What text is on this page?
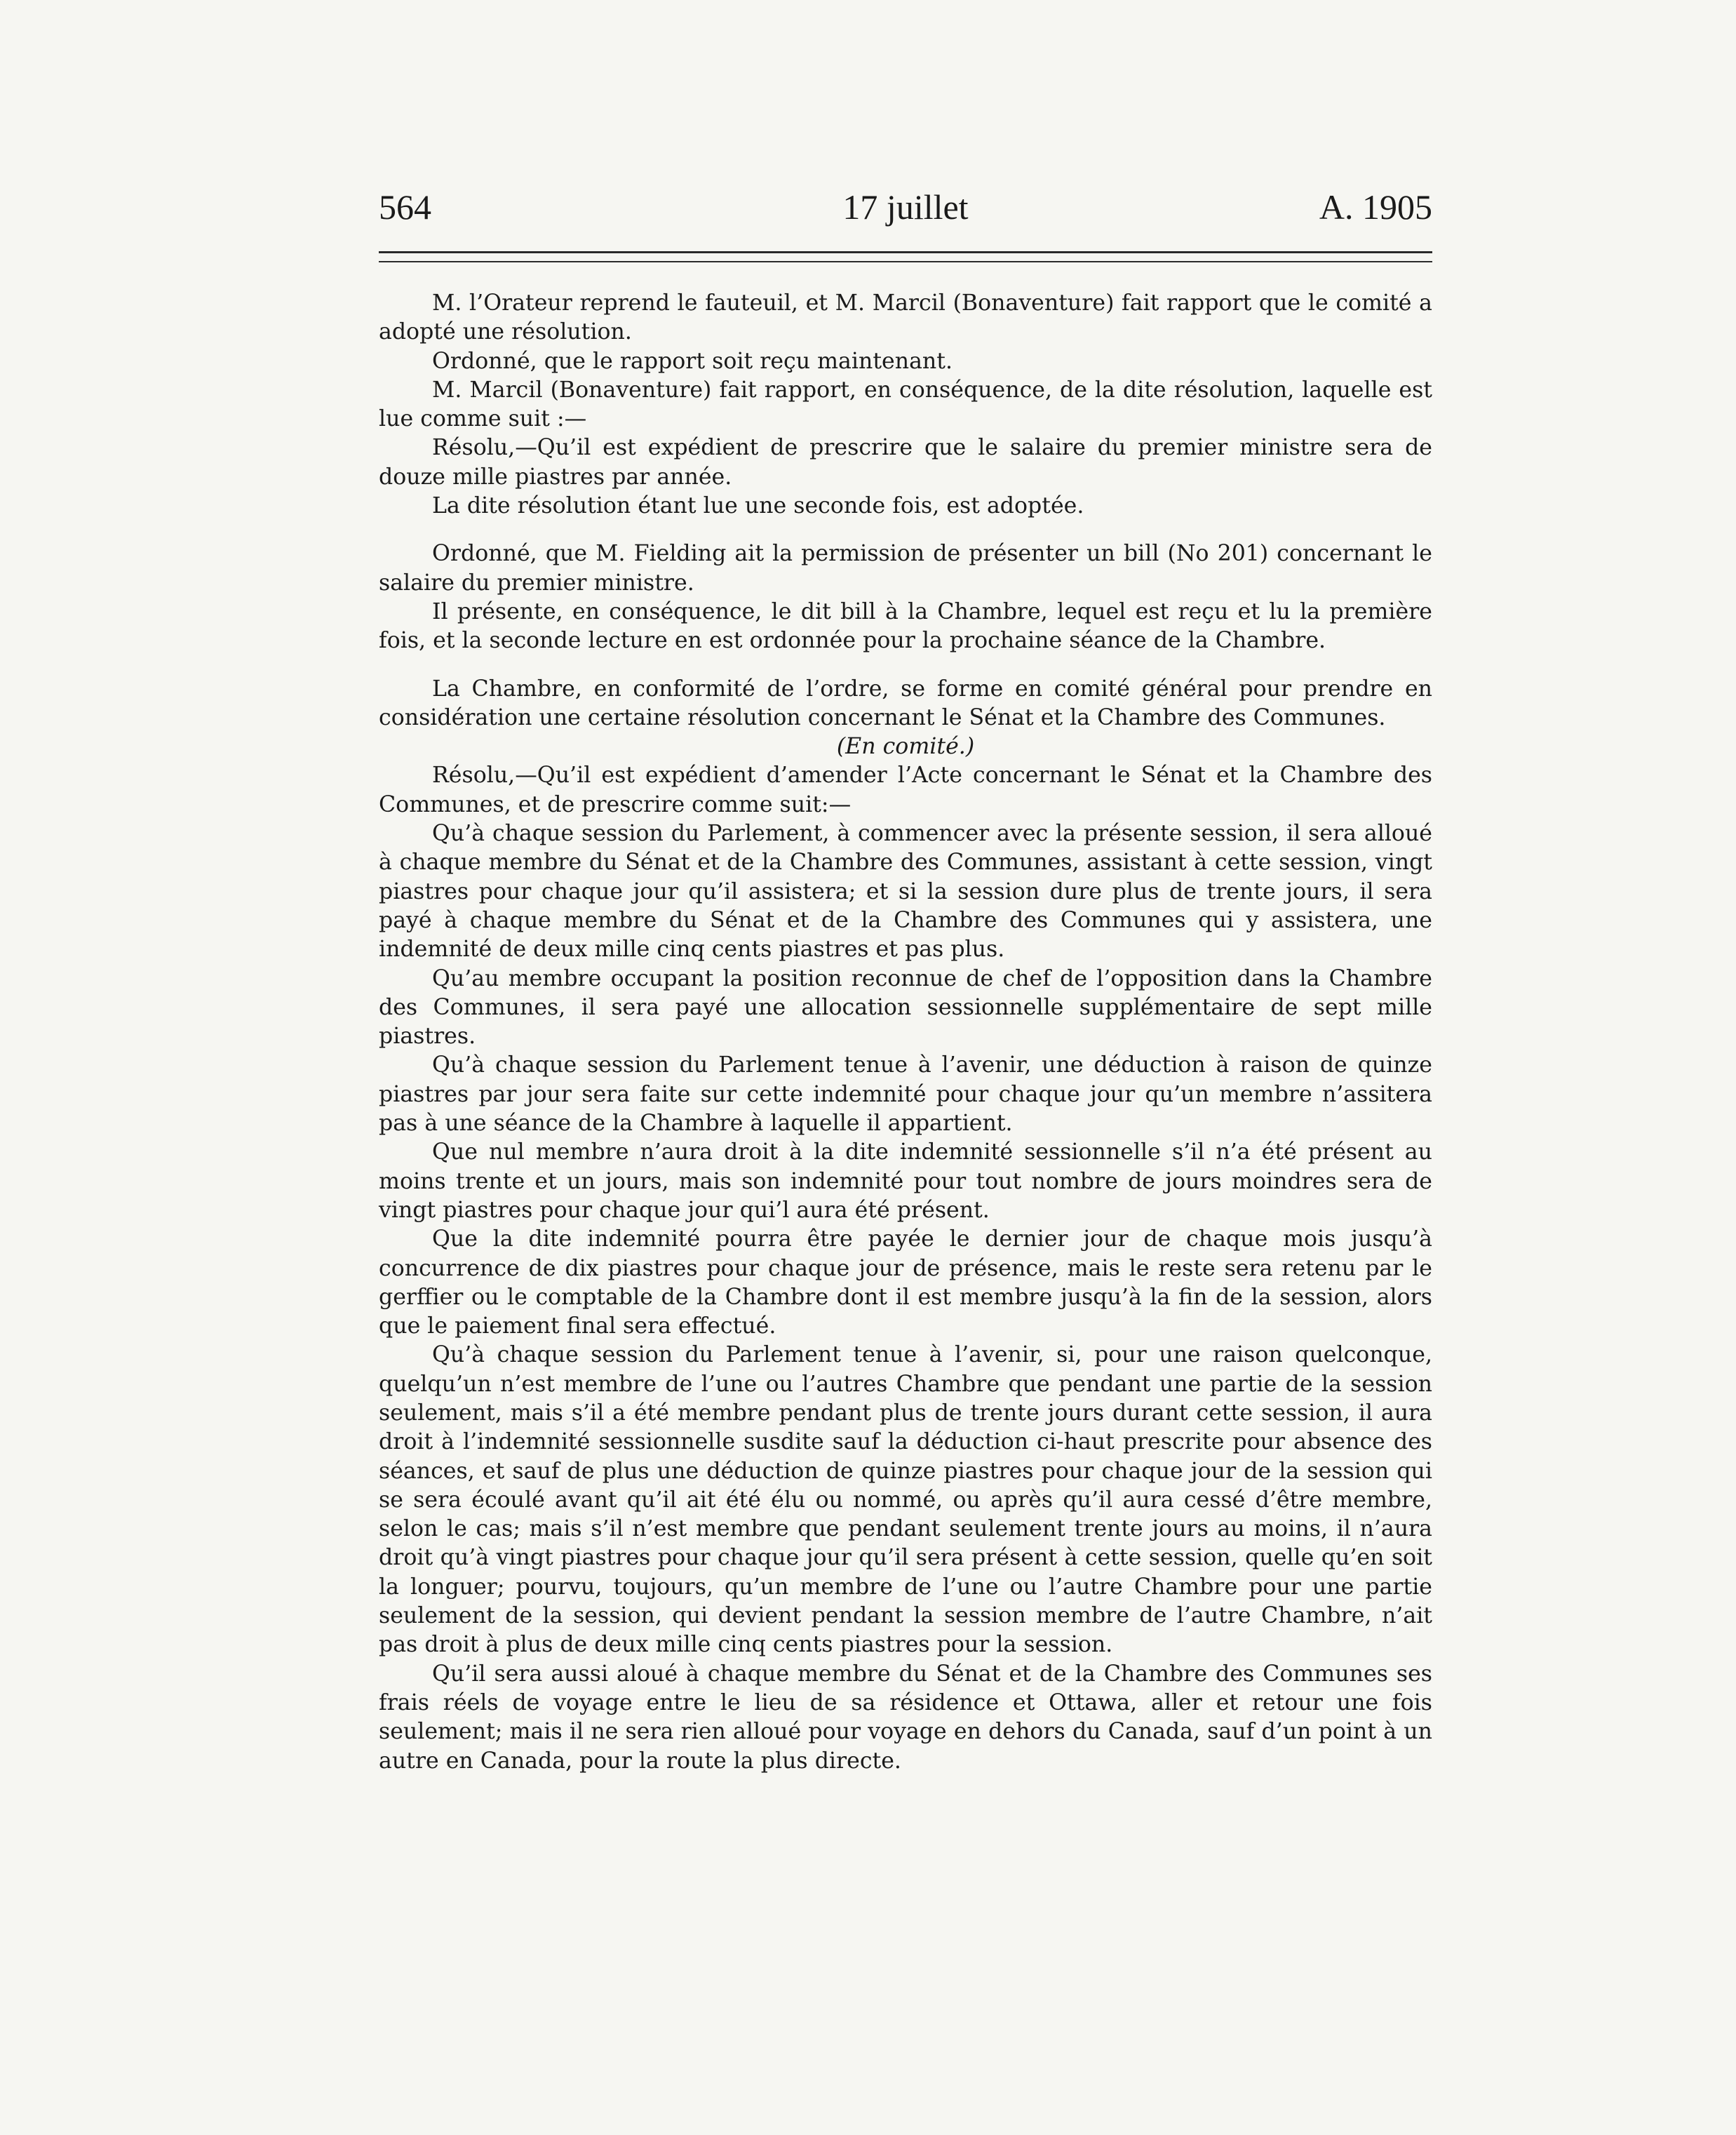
564	17 juillet	A. 1905

M. l’Orateur reprend le fauteuil, et M. Marcil (Bonaventure) fait rapport que le comité a adopté une résolution.

Ordonné, que le rapport soit reçu maintenant.

M. Marcil (Bonaventure) fait rapport, en conséquence, de la dite résolution, laquelle est lue comme suit :—

Résolu,—Qu’il est expédient de prescrire que le salaire du premier ministre sera de douze mille piastres par année.

La dite résolution étant lue une seconde fois, est adoptée.

Ordonné, que M. Fielding ait la permission de présenter un bill (No 201) concernant le salaire du premier ministre.

Il présente, en conséquence, le dit bill à la Chambre, lequel est reçu et lu la première fois, et la seconde lecture en est ordonnée pour la prochaine séance de la Chambre.

La Chambre, en conformité de l’ordre, se forme en comité général pour prendre en considération une certaine résolution concernant le Sénat et la Chambre des Communes.

(En comité.)

Résolu,—Qu’il est expédient d’amender l’Acte concernant le Sénat et la Chambre des Communes, et de prescrire comme suit:—

Qu’à chaque session du Parlement, à commencer avec la présente session, il sera alloué à chaque membre du Sénat et de la Chambre des Communes, assistant à cette session, vingt piastres pour chaque jour qu’il assistera; et si la session dure plus de trente jours, il sera payé à chaque membre du Sénat et de la Chambre des Communes qui y assistera, une indemnité de deux mille cinq cents piastres et pas plus.

Qu’au membre occupant la position reconnue de chef de l’opposition dans la Chambre des Communes, il sera payé une allocation sessionnelle supplémentaire de sept mille piastres.

Qu’à chaque session du Parlement tenue à l’avenir, une déduction à raison de quinze piastres par jour sera faite sur cette indemnité pour chaque jour qu’un membre n’assitera pas à une séance de la Chambre à laquelle il appartient.

Que nul membre n’aura droit à la dite indemnité sessionnelle s’il n’a été présent au moins trente et un jours, mais son indemnité pour tout nombre de jours moindres sera de vingt piastres pour chaque jour qui’l aura été présent.

Que la dite indemnité pourra être payée le dernier jour de chaque mois jusqu’à concurrence de dix piastres pour chaque jour de présence, mais le reste sera retenu par le gerffier ou le comptable de la Chambre dont il est membre jusqu’à la fin de la session, alors que le paiement final sera effectué.

Qu’à chaque session du Parlement tenue à l’avenir, si, pour une raison quelconque, quelqu’un n’est membre de l’une ou l’autres Chambre que pendant une partie de la session seulement, mais s’il a été membre pendant plus de trente jours durant cette session, il aura droit à l’indemnité sessionnelle susdite sauf la déduction ci-haut prescrite pour absence des séances, et sauf de plus une déduction de quinze piastres pour chaque jour de la session qui se sera écoulé avant qu’il ait été élu ou nommé, ou après qu’il aura cessé d’être membre, selon le cas; mais s’il n’est membre que pendant seulement trente jours au moins, il n’aura droit qu’à vingt piastres pour chaque jour qu’il sera présent à cette session, quelle qu’en soit la longuer; pourvu, toujours, qu’un membre de l’une ou l’autre Chambre pour une partie seulement de la session, qui devient pendant la session membre de l’autre Chambre, n’ait pas droit à plus de deux mille cinq cents piastres pour la session.

Qu’il sera aussi aloué à chaque membre du Sénat et de la Chambre des Communes ses frais réels de voyage entre le lieu de sa résidence et Ottawa, aller et retour une fois seulement; mais il ne sera rien alloué pour voyage en dehors du Canada, sauf d’un point à un autre en Canada, pour la route la plus directe.
